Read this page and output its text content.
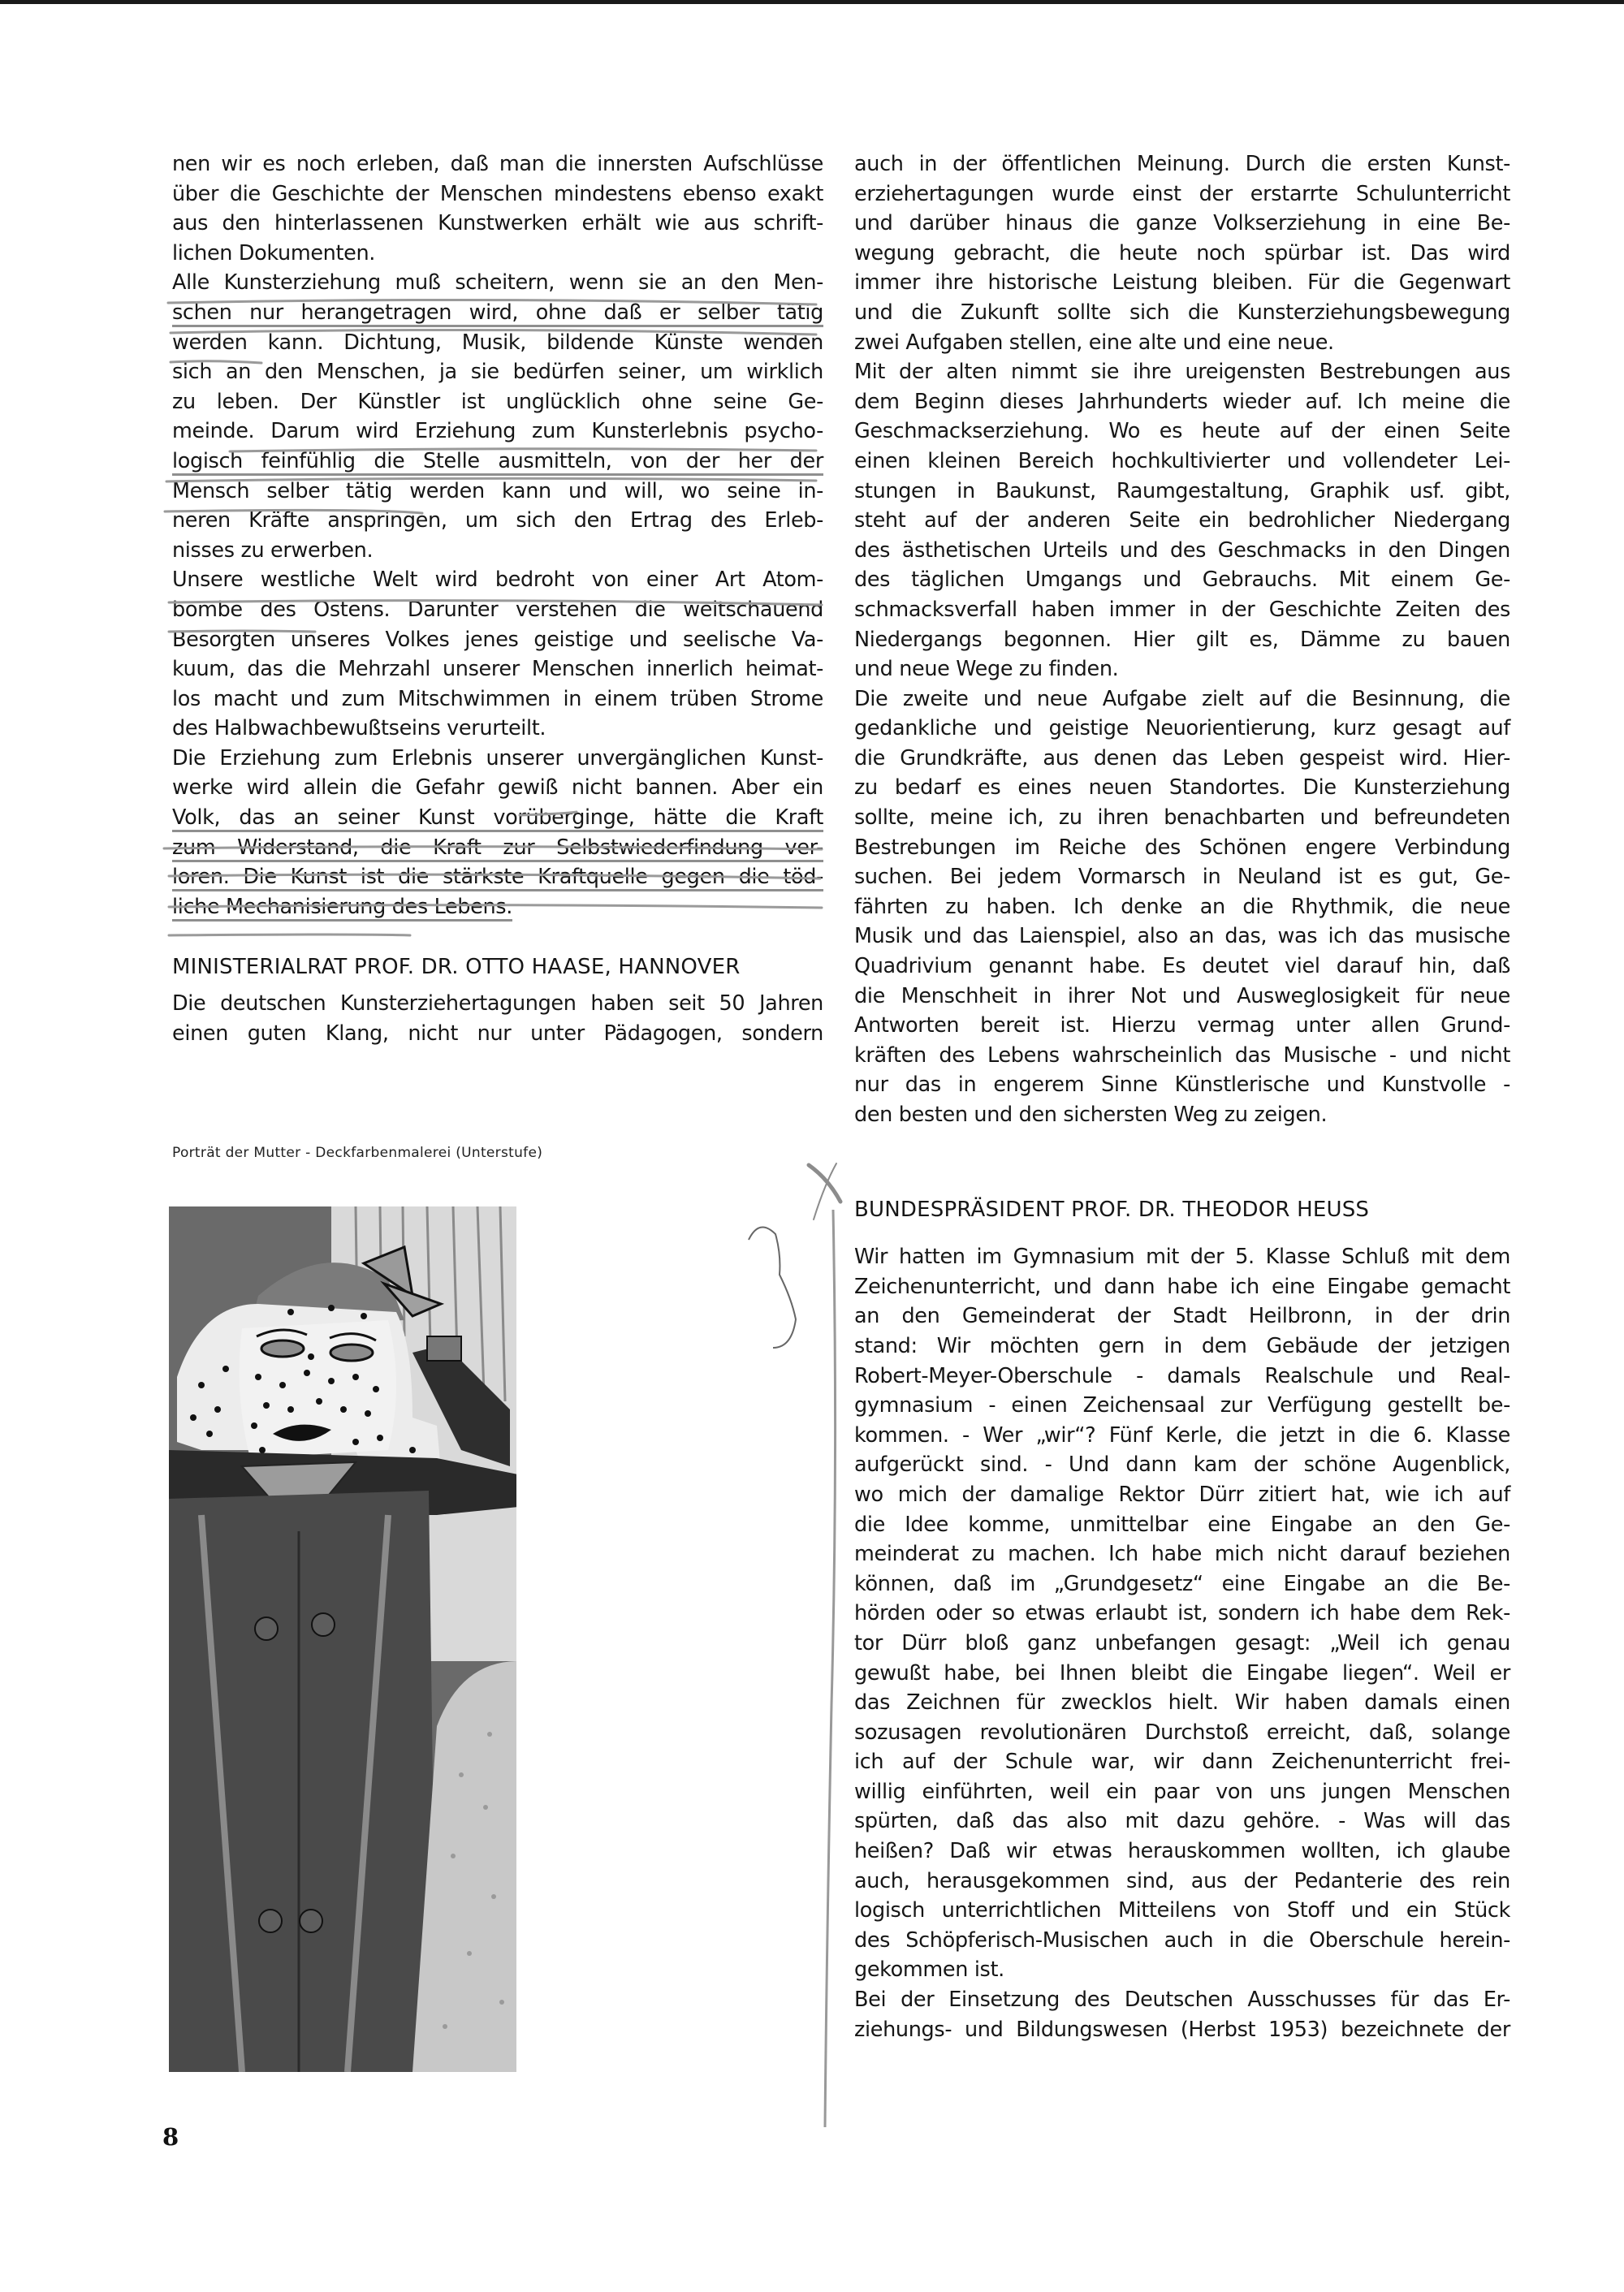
nen wir es noch erleben, daß man die innersten Aufschlüsse
über die Geschichte der Menschen mindestens ebenso exakt
aus den hinterlassenen Kunstwerken erhält wie aus schrift-
lichen Dokumenten.
Alle Kunsterziehung muß scheitern, wenn sie an den Men-
schen nur herangetragen wird, ohne daß er selber tätig
werden kann. Dichtung, Musik, bildende Künste wenden
sich an den Menschen, ja sie bedürfen seiner, um wirklich
zu leben. Der Künstler ist unglücklich ohne seine Ge-
meinde. Darum wird Erziehung zum Kunsterlebnis psycho-
logisch feinfühlig die Stelle ausmitteln, von der her der
Mensch selber tätig werden kann und will, wo seine in-
neren Kräfte anspringen, um sich den Ertrag des Erleb-
nisses zu erwerben.
Unsere westliche Welt wird bedroht von einer Art Atom-
bombe des Ostens. Darunter verstehen die weitschauend
Besorgten unseres Volkes jenes geistige und seelische Va-
kuum, das die Mehrzahl unserer Menschen innerlich heimat-
los macht und zum Mitschwimmen in einem trüben Strome
des Halbwachbewußtseins verurteilt.
Die Erziehung zum Erlebnis unserer unvergänglichen Kunst-
werke wird allein die Gefahr gewiß nicht bannen. Aber ein
Volk, das an seiner Kunst vorüberginge, hätte die Kraft
zum Widerstand, die Kraft zur Selbstwiederfindung ver-
loren. Die Kunst ist die stärkste Kraftquelle gegen die töd-
liche Mechanisierung des Lebens.
MINISTERIALRAT PROF. DR. OTTO HAASE, HANNOVER
Die deutschen Kunsterziehertagungen haben seit 50 Jahren
einen guten Klang, nicht nur unter Pädagogen, sondern
Porträt der Mutter - Deckfarbenmalerei (Unterstufe)
auch in der öffentlichen Meinung. Durch die ersten Kunst-
erziehertagungen wurde einst der erstarrte Schulunterricht
und darüber hinaus die ganze Volkserziehung in eine Be-
wegung gebracht, die heute noch spürbar ist. Das wird
immer ihre historische Leistung bleiben. Für die Gegenwart
und die Zukunft sollte sich die Kunsterziehungsbewegung
zwei Aufgaben stellen, eine alte und eine neue.
Mit der alten nimmt sie ihre ureigensten Bestrebungen aus
dem Beginn dieses Jahrhunderts wieder auf. Ich meine die
Geschmackserziehung. Wo es heute auf der einen Seite
einen kleinen Bereich hochkultivierter und vollendeter Lei-
stungen in Baukunst, Raumgestaltung, Graphik usf. gibt,
steht auf der anderen Seite ein bedrohlicher Niedergang
des ästhetischen Urteils und des Geschmacks in den Dingen
des täglichen Umgangs und Gebrauchs. Mit einem Ge-
schmacksverfall haben immer in der Geschichte Zeiten des
Niedergangs begonnen. Hier gilt es, Dämme zu bauen
und neue Wege zu finden.
Die zweite und neue Aufgabe zielt auf die Besinnung, die
gedankliche und geistige Neuorientierung, kurz gesagt auf
die Grundkräfte, aus denen das Leben gespeist wird. Hier-
zu bedarf es eines neuen Standortes. Die Kunsterziehung
sollte, meine ich, zu ihren benachbarten und befreundeten
Bestrebungen im Reiche des Schönen engere Verbindung
suchen. Bei jedem Vormarsch in Neuland ist es gut, Ge-
fährten zu haben. Ich denke an die Rhythmik, die neue
Musik und das Laienspiel, also an das, was ich das musische
Quadrivium genannt habe. Es deutet viel darauf hin, daß
die Menschheit in ihrer Not und Ausweglosigkeit für neue
Antworten bereit ist. Hierzu vermag unter allen Grund-
kräften des Lebens wahrscheinlich das Musische - und nicht
nur das in engerem Sinne Künstlerische und Kunstvolle -
den besten und den sichersten Weg zu zeigen.
BUNDESPRÄSIDENT PROF. DR. THEODOR HEUSS
Wir hatten im Gymnasium mit der 5. Klasse Schluß mit dem
Zeichenunterricht, und dann habe ich eine Eingabe gemacht
an den Gemeinderat der Stadt Heilbronn, in der drin
stand: Wir möchten gern in dem Gebäude der jetzigen
Robert-Meyer-Oberschule - damals Realschule und Real-
gymnasium - einen Zeichensaal zur Verfügung gestellt be-
kommen. - Wer „wir“? Fünf Kerle, die jetzt in die 6. Klasse
aufgerückt sind. - Und dann kam der schöne Augenblick,
wo mich der damalige Rektor Dürr zitiert hat, wie ich auf
die Idee komme, unmittelbar eine Eingabe an den Ge-
meinderat zu machen. Ich habe mich nicht darauf beziehen
können, daß im „Grundgesetz“ eine Eingabe an die Be-
hörden oder so etwas erlaubt ist, sondern ich habe dem Rek-
tor Dürr bloß ganz unbefangen gesagt: „Weil ich genau
gewußt habe, bei Ihnen bleibt die Eingabe liegen“. Weil er
das Zeichnen für zwecklos hielt. Wir haben damals einen
sozusagen revolutionären Durchstoß erreicht, daß, solange
ich auf der Schule war, wir dann Zeichenunterricht frei-
willig einführten, weil ein paar von uns jungen Menschen
spürten, daß das also mit dazu gehöre. - Was will das
heißen? Daß wir etwas herauskommen wollten, ich glaube
auch, herausgekommen sind, aus der Pedanterie des rein
logisch unterrichtlichen Mitteilens von Stoff und ein Stück
des Schöpferisch-Musischen auch in die Oberschule herein-
gekommen ist.
Bei der Einsetzung des Deutschen Ausschusses für das Er-
ziehungs- und Bildungswesen (Herbst 1953) bezeichnete der
8
